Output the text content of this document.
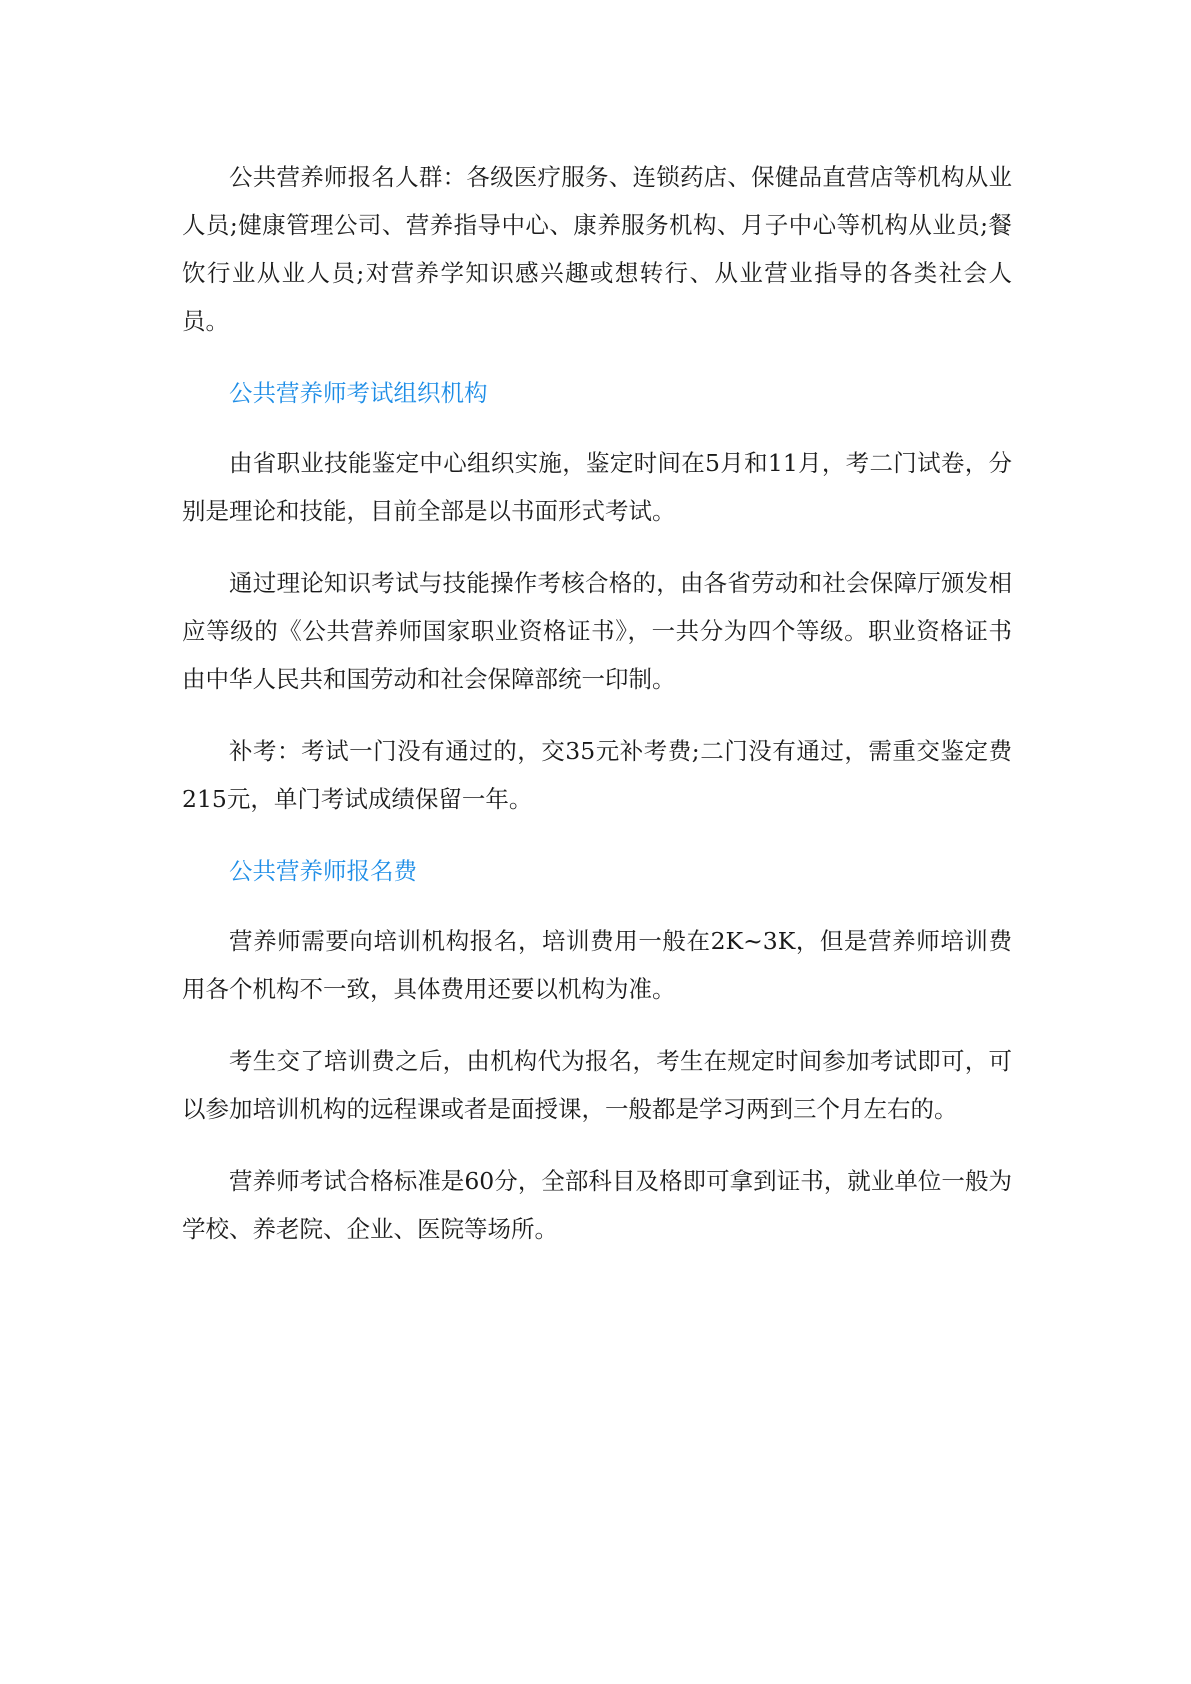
公共营养师报名人群：各级医疗服务、连锁药店、保健品直营店等机构从业人员;健康管理公司、营养指导中心、康养服务机构、月子中心等机构从业员;餐饮行业从业人员;对营养学知识感兴趣或想转行、从业营业指导的各类社会人员。

公共营养师考试组织机构

由省职业技能鉴定中心组织实施，鉴定时间在5月和11月，考二门试卷，分别是理论和技能，目前全部是以书面形式考试。

通过理论知识考试与技能操作考核合格的，由各省劳动和社会保障厅颁发相应等级的《公共营养师国家职业资格证书》，一共分为四个等级。职业资格证书由中华人民共和国劳动和社会保障部统一印制。

补考：考试一门没有通过的，交35元补考费;二门没有通过，需重交鉴定费215元，单门考试成绩保留一年。

公共营养师报名费

营养师需要向培训机构报名，培训费用一般在2K~3K，但是营养师培训费用各个机构不一致，具体费用还要以机构为准。

考生交了培训费之后，由机构代为报名，考生在规定时间参加考试即可，可以参加培训机构的远程课或者是面授课，一般都是学习两到三个月左右的。

营养师考试合格标准是60分，全部科目及格即可拿到证书，就业单位一般为学校、养老院、企业、医院等场所。
